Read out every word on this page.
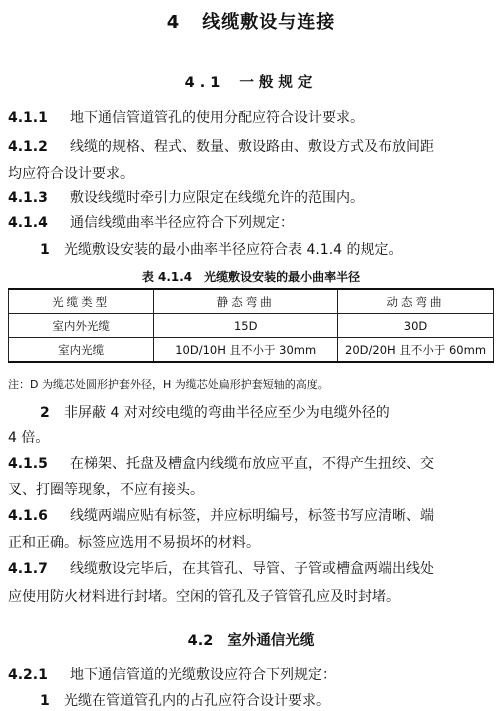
4 线缆敷设与连接
4.1 一般规定
4.1.1 地下通信管道管孔的使用分配应符合设计要求。
4.1.2 线缆的规格、程式、数量、敷设路由、敷设方式及布放间距
均应符合设计要求。
4.1.3 敷设线缆时牵引力应限定在线缆允许的范围内。
4.1.4 通信线缆曲率半径应符合下列规定：
1 光缆敷设安装的最小曲率半径应符合表 4.1.4 的规定。
表 4.1.4 光缆敷设安装的最小曲率半径
光缆类型	静态弯曲	动态弯曲
室内外光缆	15D	30D
室内光缆	10D/10H 且不小于 30mm	20D/20H 且不小于 60mm
注：D 为缆芯处圆形护套外径，H 为缆芯处扁形护套短轴的高度。
2 非屏蔽 4 对对绞电缆的弯曲半径应至少为电缆外径的
4 倍。
4.1.5 在梯架、托盘及槽盒内线缆布放应平直，不得产生扭绞、交
叉、打圈等现象，不应有接头。
4.1.6 线缆两端应贴有标签，并应标明编号，标签书写应清晰、端
正和正确。标签应选用不易损坏的材料。
4.1.7 线缆敷设完毕后，在其管孔、导管、子管或槽盒两端出线处
应使用防火材料进行封堵。空闲的管孔及子管管孔应及时封堵。
4.2 室外通信光缆
4.2.1 地下通信管道的光缆敷设应符合下列规定：
1 光缆在管道管孔内的占孔应符合设计要求。
